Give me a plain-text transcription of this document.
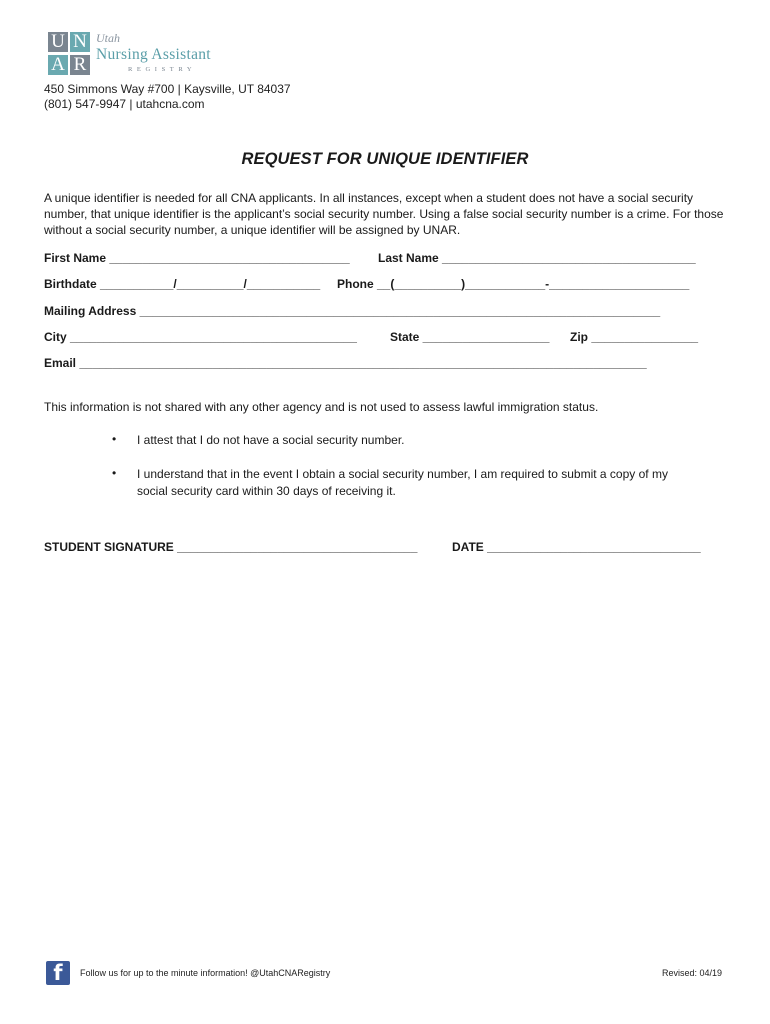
U N
A R
Utah
Nursing Assistant
REGISTRY
450 Simmons Way #700 | Kaysville, UT 84037
(801) 547-9947 | utahcna.com
REQUEST FOR UNIQUE IDENTIFIER
A unique identifier is needed for all CNA applicants. In all instances, except when a student does not have a social security number, that unique identifier is the applicant’s social security number. Using a false social security number is a crime. For those without a social security number, a unique identifier will be assigned by UNAR.
First Name ____________________________________ Last Name ______________________________________
Birthdate ___________/__________/___________ Phone __(__________)____________-_____________________
Mailing Address ______________________________________________________________________________
City ___________________________________________	State ___________________ Zip ________________
Email _____________________________________________________________________________________
This information is not shared with any other agency and is not used to assess lawful immigration status.
• I attest that I do not have a social security number.
• I understand that in the event I obtain a social security number, I am required to submit a copy of my social security card within 30 days of receiving it.
STUDENT SIGNATURE ____________________________________	DATE ________________________________
f	Follow us for up to the minute information! @UtahCNARegistry	Revised: 04/19
